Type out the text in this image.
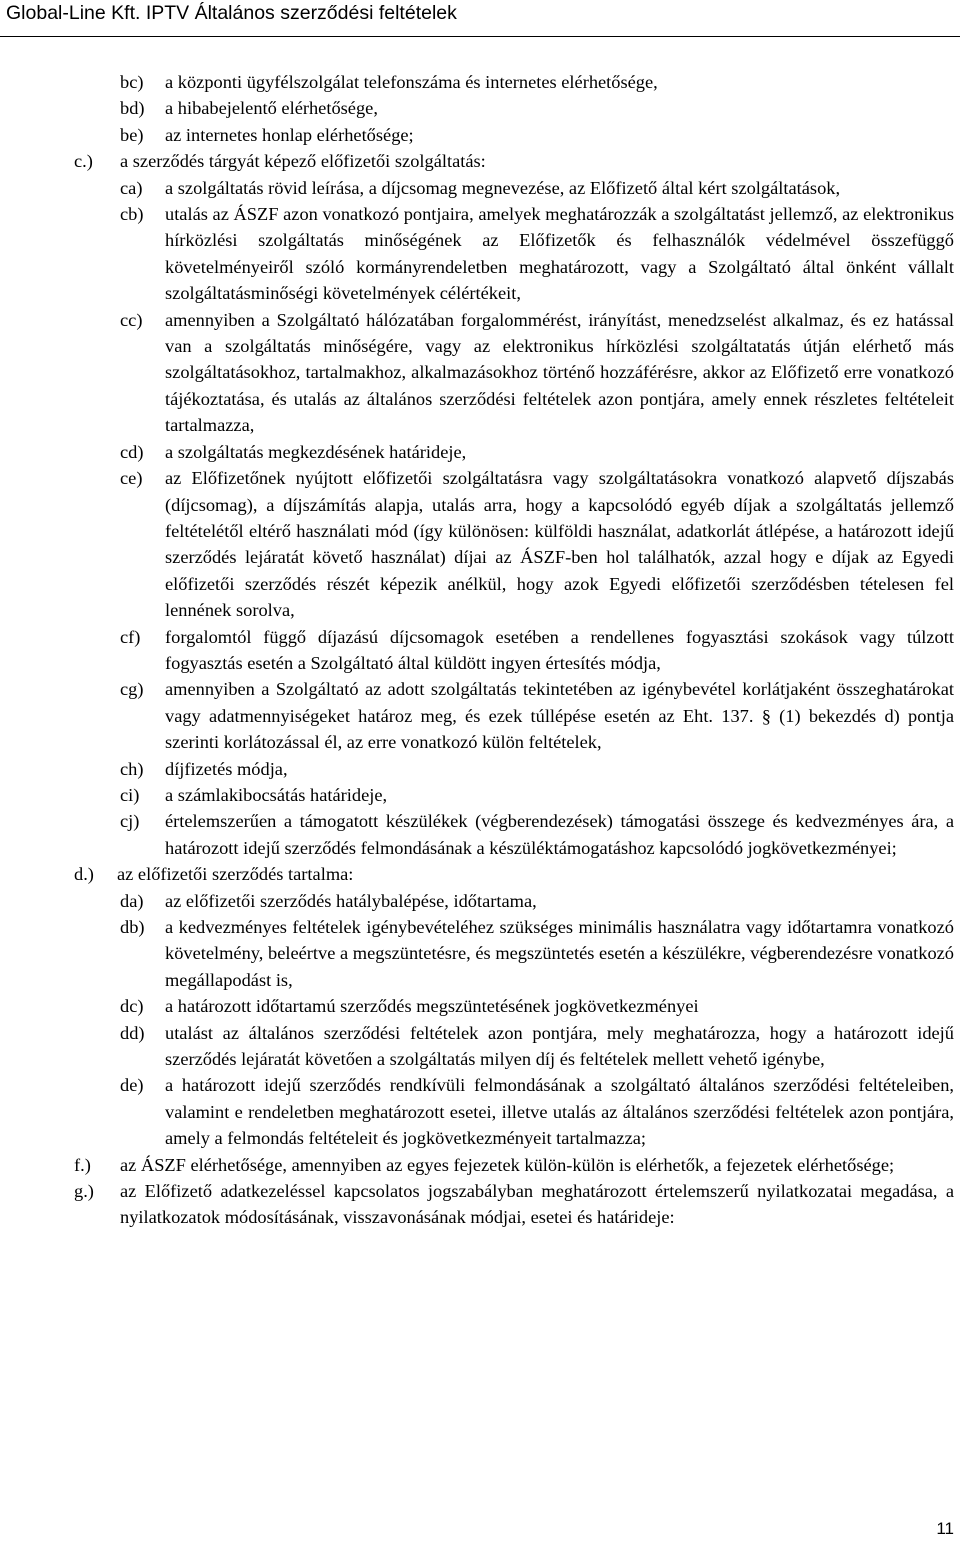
Global-Line Kft. IPTV Általános szerződési feltételek
bc) a központi ügyfélszolgálat telefonszáma és internetes elérhetősége,
bd) a hibabejelentő elérhetősége,
be) az internetes honlap elérhetősége;
c.) a szerződés tárgyát képező előfizetői szolgáltatás:
ca) a szolgáltatás rövid leírása, a díjcsomag megnevezése, az Előfizető által kért szolgáltatások,
cb) utalás az ÁSZF azon vonatkozó pontjaira, amelyek meghatározzák a szolgáltatást jellemző, az elektronikus hírközlési szolgáltatás minőségének az Előfizetők és felhasználók védelmével összefüggő követelményeiről szóló kormányrendeletben meghatározott, vagy a Szolgáltató által önként vállalt szolgáltatásminőségi követelmények célértékeit,
cc) amennyiben a Szolgáltató hálózatában forgalommérést, irányítást, menedzselést alkalmaz, és ez hatással van a szolgáltatás minőségére, vagy az elektronikus hírközlési szolgáltatatás útján elérhető más szolgáltatásokhoz, tartalmakhoz, alkalmazásokhoz történő hozzáférésre, akkor az Előfizető erre vonatkozó tájékoztatása, és utalás az általános szerződési feltételek azon pontjára, amely ennek részletes feltételeit tartalmazza,
cd) a szolgáltatás megkezdésének határideje,
ce) az Előfizetőnek nyújtott előfizetői szolgáltatásra vagy szolgáltatásokra vonatkozó alapvető díjszabás (díjcsomag), a díjszámítás alapja, utalás arra, hogy a kapcsolódó egyéb díjak a szolgáltatás jellemző feltételétől eltérő használati mód (így különösen: külföldi használat, adatkorlát átlépése, a határozott idejű szerződés lejáratát követő használat) díjai az ÁSZF-ben hol találhatók, azzal hogy e díjak az Egyedi előfizetői szerződés részét képezik anélkül, hogy azok Egyedi előfizetői szerződésben tételesen fel lennének sorolva,
cf) forgalomtól függő díjazású díjcsomagok esetében a rendellenes fogyasztási szokások vagy túlzott fogyasztás esetén a Szolgáltató által küldött ingyen értesítés módja,
cg) amennyiben a Szolgáltató az adott szolgáltatás tekintetében az igénybevétel korlátjaként összeghatárokat vagy adatmennyiségeket határoz meg, és ezek túllépése esetén az Eht. 137. § (1) bekezdés d) pontja szerinti korlátozással él, az erre vonatkozó külön feltételek,
ch) díjfizetés módja,
ci) a számlakibocsátás határideje,
cj) értelemszerűen a támogatott készülékek (végberendezések) támogatási összege és kedvezményes ára, a határozott idejű szerződés felmondásának a készüléktámogatáshoz kapcsolódó jogkövetkezményei;
d.) az előfizetői szerződés tartalma:
da) az előfizetői szerződés hatálybalépése, időtartama,
db) a kedvezményes feltételek igénybevételéhez szükséges minimális használatra vagy időtartamra vonatkozó követelmény, beleértve a megszüntetésre, és megszüntetés esetén a készülékre, végberendezésre vonatkozó megállapodást is,
dc) a határozott időtartamú szerződés megszüntetésének jogkövetkezményei
dd) utalást az általános szerződési feltételek azon pontjára, mely meghatározza, hogy a határozott idejű szerződés lejáratát követően a szolgáltatás milyen díj és feltételek mellett vehető igénybe,
de) a határozott idejű szerződés rendkívüli felmondásának a szolgáltató általános szerződési feltételeiben, valamint e rendeletben meghatározott esetei, illetve utalás az általános szerződési feltételek azon pontjára, amely a felmondás feltételeit és jogkövetkezményeit tartalmazza;
f.) az ÁSZF elérhetősége, amennyiben az egyes fejezetek külön-külön is elérhetők, a fejezetek elérhetősége;
g.) az Előfizető adatkezeléssel kapcsolatos jogszabályban meghatározott értelemszerű nyilatkozatai megadása, a nyilatkozatok módosításának, visszavonásának módjai, esetei és határideje:
11
